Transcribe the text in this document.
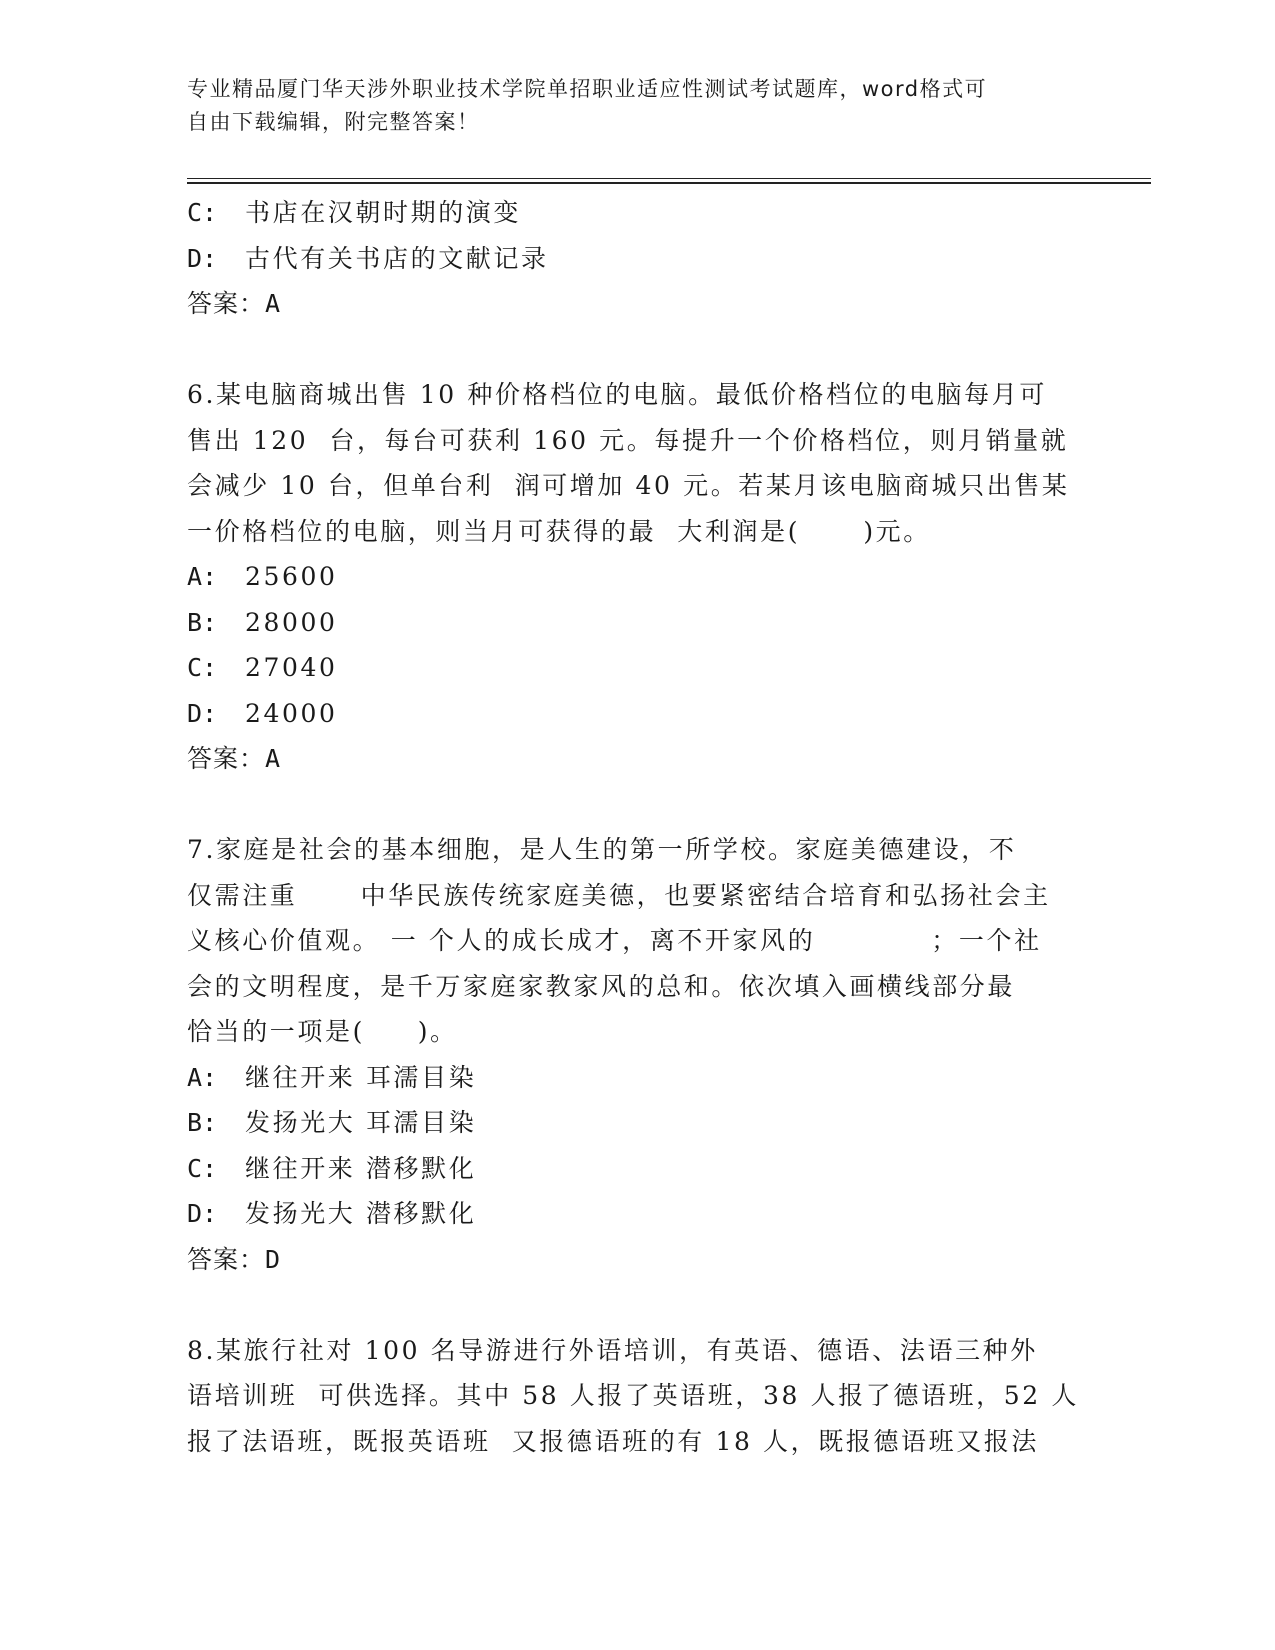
专业精品厦门华天涉外职业技术学院单招职业适应性测试考试题库，word格式可
自由下载编辑，附完整答案！
C:	书店在汉朝时期的演变
D:	古代有关书店的文献记录
答案：A
6.某电脑商城出售 10 种价格档位的电脑。最低价格档位的电脑每月可
售出 120  台，每台可获利 160 元。每提升一个价格档位，则月销量就
会减少 10 台，但单台利  润可增加 40 元。若某月该电脑商城只出售某
一价格档位的电脑，则当月可获得的最  大利润是(      )元。
A:	25600
B:	28000
C:	27040
D:	24000
答案：A
7.家庭是社会的基本细胞，是人生的第一所学校。家庭美德建设，不
仅需注重      中华民族传统家庭美德，也要紧密结合培育和弘扬社会主
义核心价值观。 一 个人的成长成才，离不开家风的           ；一个社
会的文明程度，是千万家庭家教家风的总和。依次填入画横线部分最
恰当的一项是(     )。
A:	继往开来 耳濡目染
B:	发扬光大 耳濡目染
C:	继往开来 潜移默化
D:	发扬光大 潜移默化
答案：D
8.某旅行社对 100 名导游进行外语培训，有英语、德语、法语三种外
语培训班  可供选择。其中 58 人报了英语班，38 人报了德语班，52 人
报了法语班，既报英语班  又报德语班的有 18 人，既报德语班又报法
